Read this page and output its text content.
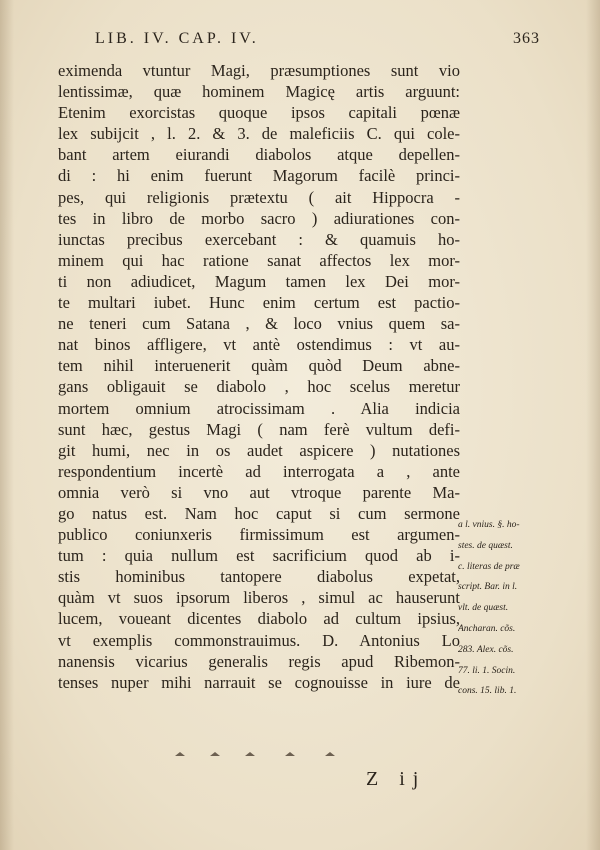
LIB. IV. CAP. IV.	363
eximenda vtuntur Magi, præsumptiones sunt vio
lentissimæ, quæ hominem Magicę artis arguunt:
Etenim exorcistas quoque ipsos capitali pœnæ
lex subijcit , l. 2. & 3. de maleficiis C. qui cole-
bant artem eiurandi diabolos atque depellen-
di : hi enim fuerunt Magorum facilè princi-
pes, qui religionis prætextu ( ait Hippocra -
tes in libro de morbo sacro ) adiurationes con-
iunctas precibus exercebant : & quamuis ho-
minem qui hac ratione sanat affectos lex mor-
ti non adiudicet, Magum tamen lex Dei mor-
te multari iubet. Hunc enim certum est pactio-
ne teneri cum Satana , & loco vnius quem sa-
nat binos affligere, vt antè ostendimus : vt au-
tem nihil interuenerit quàm quòd Deum abne-
gans obligauit se diabolo , hoc scelus meretur
mortem omnium atrocissimam . Alia indicia
sunt hæc, gestus Magi ( nam ferè vultum defi-
git humi, nec in os audet aspicere ) nutationes
respondentium incertè ad interrogata a , ante
omnia verò si vno aut vtroque parente Ma-
go natus est. Nam hoc caput si cum sermone
publico coniunxeris firmissimum est argumen-
tum : quia nullum est sacrificium quod ab i-
stis hominibus tantopere diabolus expetat,
quàm vt suos ipsorum liberos , simul ac hauserunt
lucem, voueant dicentes diabolo ad cultum ipsius,
vt exemplis commonstrauimus. D. Antonius Lo
nanensis vicarius generalis regis apud Ribemon-
tenses nuper mihi narrauit se cognouisse in iure de
a l. vnius. §. ho-
stes. de quæst.
c. literas de præ
script. Bar. in l.
vlt. de quæst.
Ancharan. cõs.
283. Alex. cõs.
77. li. 1. Socin.
cons. 15. lib. 1.
Z ij
